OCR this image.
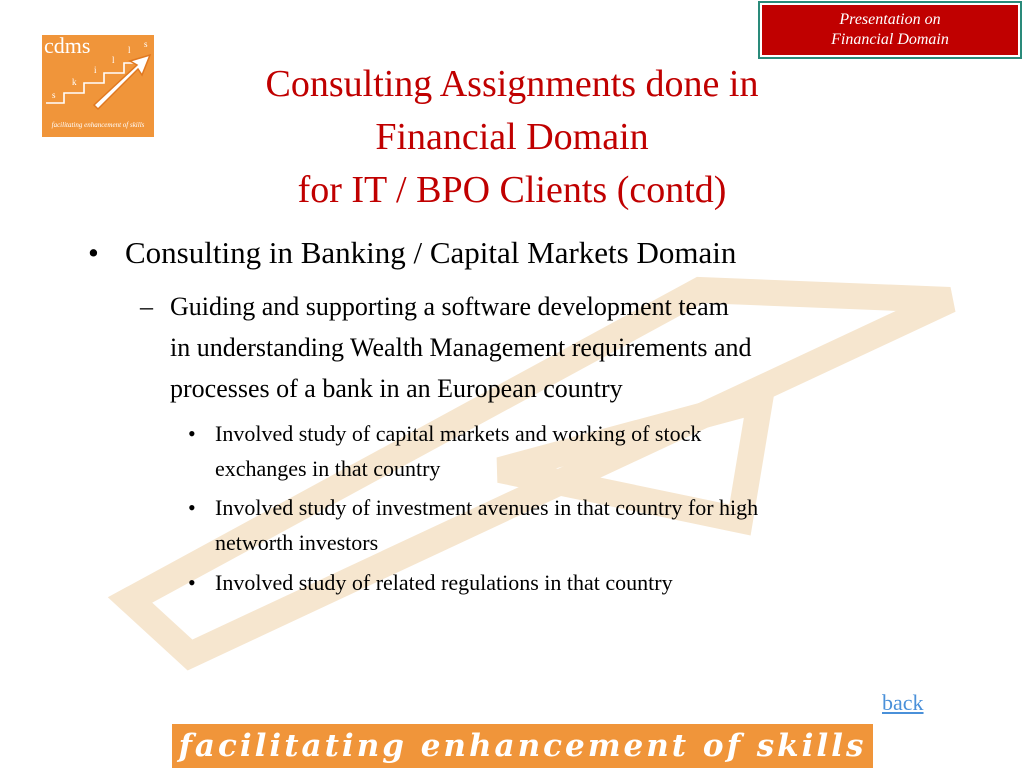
cdms
s
k
i
l
l
s
facilitating enhancement of skills
Presentation on
Financial Domain
Consulting Assignments done in
Financial Domain
for IT / BPO Clients (contd)
• Consulting in Banking / Capital Markets Domain
– Guiding and supporting a software development team
in understanding Wealth Management requirements and
processes of a bank in an European country
• Involved study of capital markets and working of stock
exchanges in that country
• Involved study of investment avenues in that country for high
networth investors
• Involved study of related regulations in that country
back
facilitating enhancement of skills
